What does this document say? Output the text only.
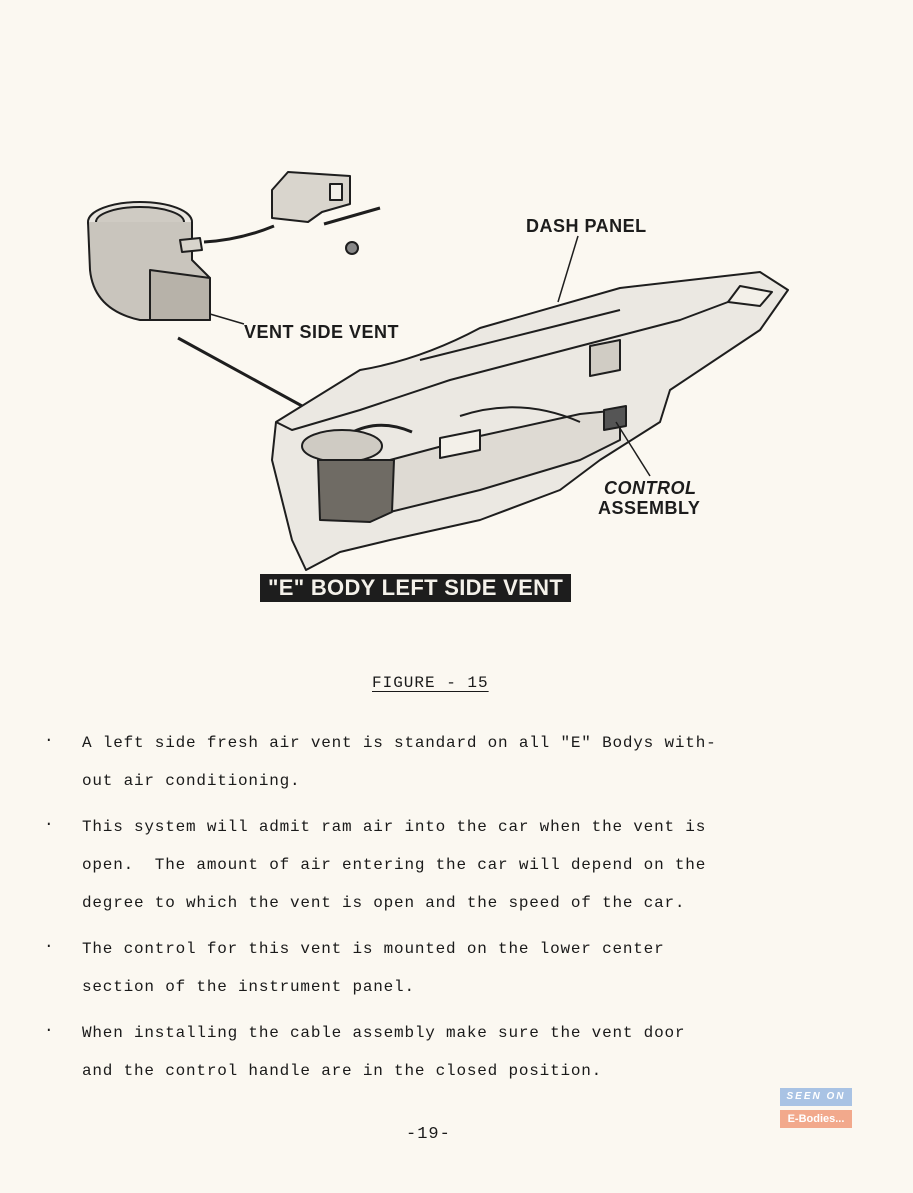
DASH PANEL
VENT SIDE VENT
CONTROL
ASSEMBLY
"E" BODY LEFT SIDE VENT
FIGURE - 15
. A left side fresh air vent is standard on all "E" Bodys with-
out air conditioning.
. This system will admit ram air into the car when the vent is
open.  The amount of air entering the car will depend on the
degree to which the vent is open and the speed of the car.
. The control for this vent is mounted on the lower center
section of the instrument panel.
. When installing the cable assembly make sure the vent door
and the control handle are in the closed position.
-19-
SEEN ON
E-Bodies...
